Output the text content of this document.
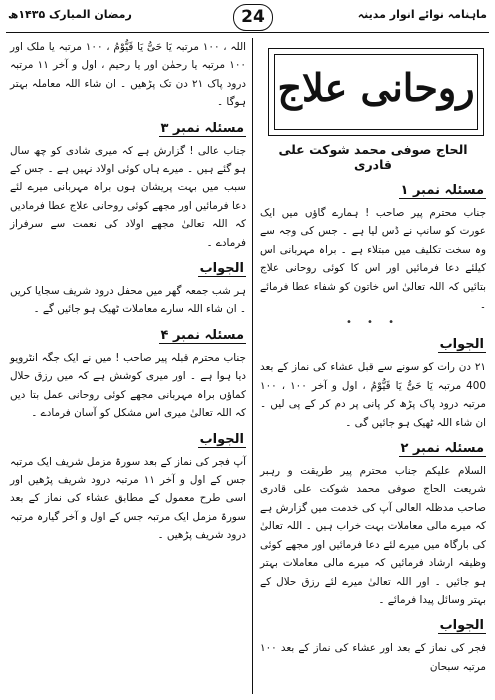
ماہنامہ نوائے انوار مدینہ
24
رمضان المبارک ۱۴۳۵ھ
روحانی علاج
الحاج صوفی محمد شوکت علی قادری
مسئلہ نمبر ۱

جناب محترم پیر صاحب ! ہمارے گاؤں میں ایک عورت کو سانپ نے ڈس لیا ہے ۔ جس کی وجہ سے وہ سخت تکلیف میں مبتلاء ہے ۔ براہ مہربانی اس کیلئے دعا فرمائیں اور اس کا کوئی روحانی علاج بتائیں کہ اللہ تعالیٰ اس خاتون کو شفاء عطا فرمائے ۔

• • •
الجواب

۲۱ دن رات کو سونے سے قبل عشاء کی نماز کے بعد 400 مرتبہ یَا حَیُّ یَا قَیُّوْمُ ، اول و آخر ۱۰۰ ، ۱۰۰ مرتبہ درود پاک پڑھ کر پانی پر دم کر کے پی لیں ۔ ان شاء اللہ ٹھیک ہو جائیں گی ۔

مسئلہ نمبر ۲

السلام علیکم جناب محترم پیر طریقت و رہبر شریعت الحاج صوفی محمد شوکت علی قادری صاحب مدظلہ العالی آپ کی خدمت میں گزارش ہے کہ میرے مالی معاملات بہت خراب ہیں ۔ اللہ تعالیٰ کی بارگاہ میں میرے لئے دعا فرمائیں اور مجھے کوئی وظیفہ ارشاد فرمائیں کہ میرے مالی معاملات بہتر ہو جائیں ۔ اور اللہ تعالیٰ میرے لئے رزق حلال کے بہتر وسائل پیدا فرمائے ۔

الجواب

فجر کی نماز کے بعد اور عشاء کی نماز کے بعد ۱۰۰ مرتبہ سبحان

اللہ ، ۱۰۰ مرتبہ یَا حَیُّ یَا قَیُّوْمُ ، ۱۰۰ مرتبہ یا ملک اور ۱۰۰ مرتبہ یا رحمٰن اور یا رحیم ، اول و آخر ۱۱ مرتبہ درود پاک ۲۱ دن تک پڑھیں ۔ ان شاء اللہ معاملہ بہتر ہوگا ۔

مسئلہ نمبر ۳

جناب عالی ! گزارش ہے کہ میری شادی کو چھ سال ہو گئے ہیں ۔ میرے ہاں کوئی اولاد نہیں ہے ۔ جس کے سبب میں بہت پریشان ہوں براہ مہربانی میرے لئے دعا فرمائیں اور مجھے کوئی روحانی علاج عطا فرمادیں کہ اللہ تعالیٰ مجھے اولاد کی نعمت سے سرفراز فرمادے ۔

الجواب

ہر شب جمعہ گھر میں محفل درود شریف سجایا کریں ۔ ان شاء اللہ سارے معاملات ٹھیک ہو جائیں گے ۔

مسئلہ نمبر ۴

جناب محترم قبلہ پیر صاحب ! میں نے ایک جگہ انٹرویو دیا ہوا ہے ۔ اور میری کوشش ہے کہ میں رزق حلال کماؤں براہ مہربانی مجھے کوئی روحانی عمل بتا دیں کہ اللہ تعالیٰ میری اس مشکل کو آسان فرمادے ۔

الجواب

آپ فجر کی نماز کے بعد سورۃ مزمل شریف ایک مرتبہ جس کے اول و آخر ۱۱ مرتبہ درود شریف پڑھیں اور اسی طرح معمول کے مطابق عشاء کی نماز کے بعد سورۃ مزمل ایک مرتبہ جس کے اول و آخر گیارہ مرتبہ درود شریف پڑھیں ۔
